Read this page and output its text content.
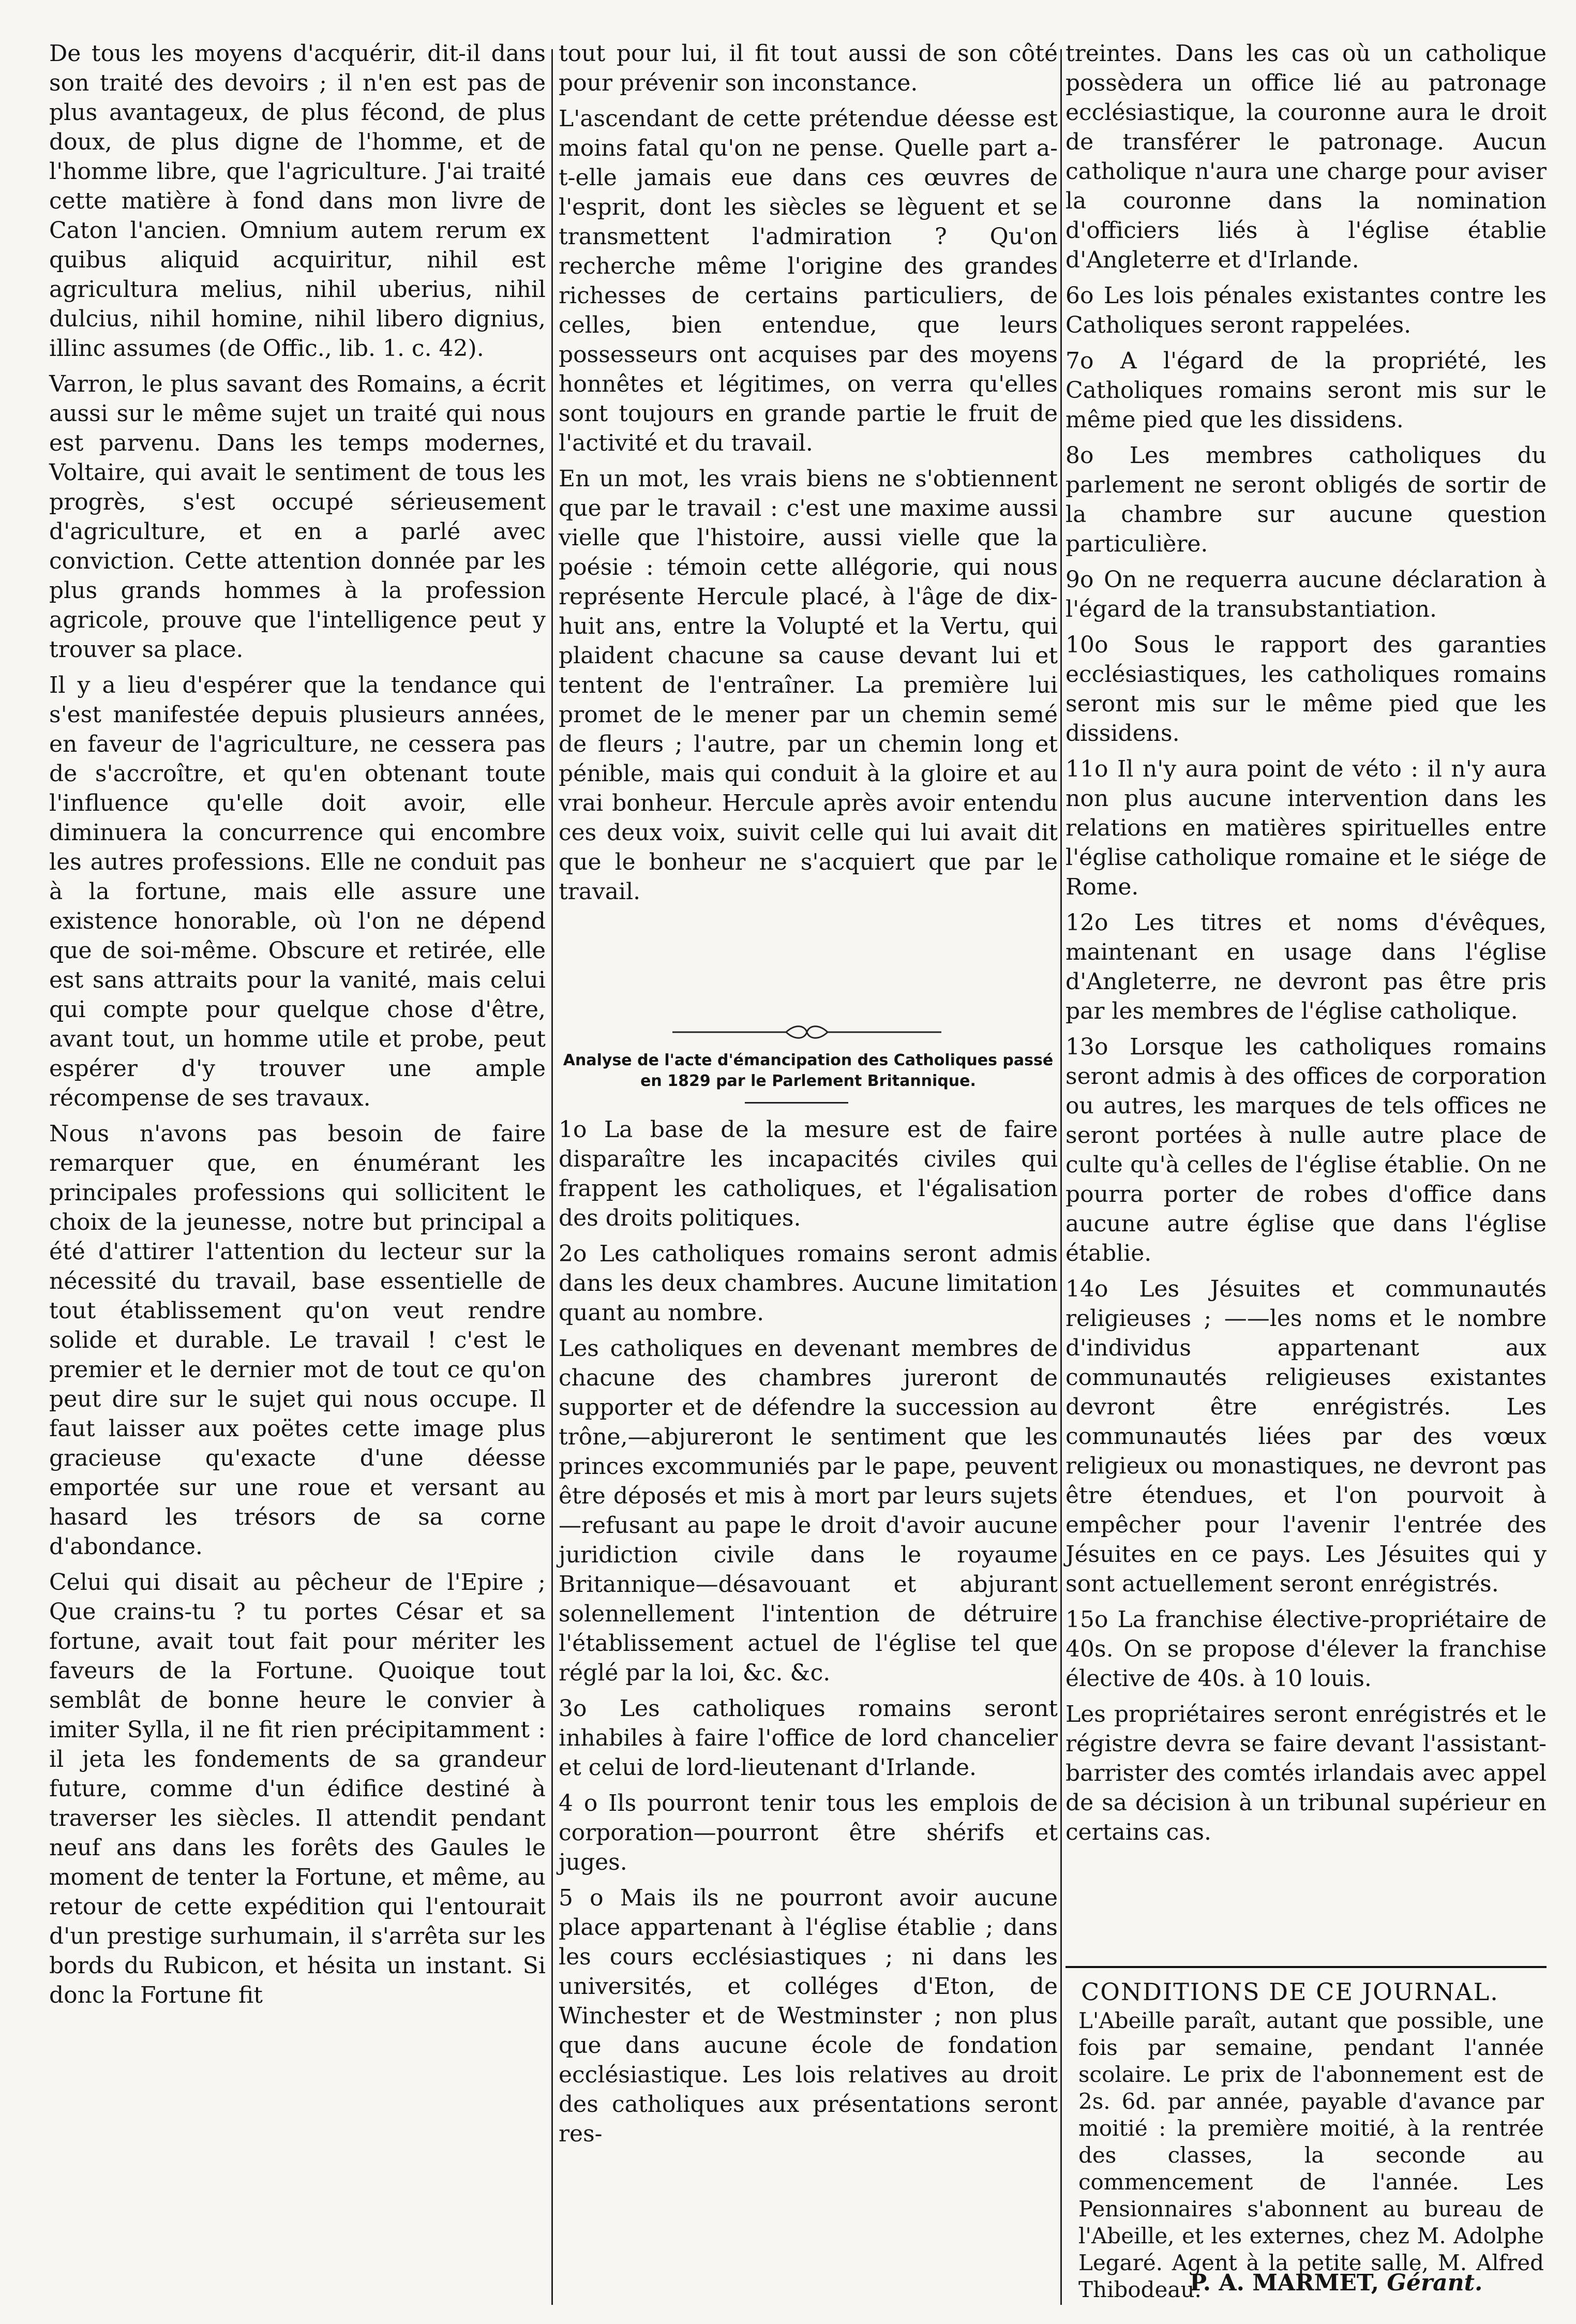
De tous les moyens d'acquérir, dit-il dans son traité des devoirs ; il n'en est pas de plus avantageux, de plus fécond, de plus doux, de plus digne de l'homme, et de l'homme libre, que l'agriculture. J'ai traité cette matière à fond dans mon livre de Caton l'ancien. Omnium autem rerum ex quibus aliquid acquiritur, nihil est agricultura melius, nihil uberius, nihil dulcius, nihil homine, nihil libero dignius, illinc assumes (de Offic., lib. 1. c. 42).

Varron, le plus savant des Romains, a écrit aussi sur le même sujet un traité qui nous est parvenu. Dans les temps modernes, Voltaire, qui avait le sentiment de tous les progrès, s'est occupé sérieusement d'agriculture, et en a parlé avec conviction. Cette attention donnée par les plus grands hommes à la profession agricole, prouve que l'intelligence peut y trouver sa place.

Il y a lieu d'espérer que la tendance qui s'est manifestée depuis plusieurs années, en faveur de l'agriculture, ne cessera pas de s'accroître, et qu'en obtenant toute l'influence qu'elle doit avoir, elle diminuera la concurrence qui encombre les autres professions. Elle ne conduit pas à la fortune, mais elle assure une existence honorable, où l'on ne dépend que de soi-même. Obscure et retirée, elle est sans attraits pour la vanité, mais celui qui compte pour quelque chose d'être, avant tout, un homme utile et probe, peut espérer d'y trouver une ample récompense de ses travaux.

Nous n'avons pas besoin de faire remarquer que, en énumérant les principales professions qui sollicitent le choix de la jeunesse, notre but principal a été d'attirer l'attention du lecteur sur la nécessité du travail, base essentielle de tout établissement qu'on veut rendre solide et durable. Le travail ! c'est le premier et le dernier mot de tout ce qu'on peut dire sur le sujet qui nous occupe. Il faut laisser aux poëtes cette image plus gracieuse qu'exacte d'une déesse emportée sur une roue et versant au hasard les trésors de sa corne d'abondance.

Celui qui disait au pêcheur de l'Epire ; Que crains-tu ? tu portes César et sa fortune, avait tout fait pour mériter les faveurs de la Fortune. Quoique tout semblât de bonne heure le convier à imiter Sylla, il ne fit rien précipitamment : il jeta les fondements de sa grandeur future, comme d'un édifice destiné à traverser les siècles. Il attendit pendant neuf ans dans les forêts des Gaules le moment de tenter la Fortune, et même, au retour de cette expédition qui l'entourait d'un prestige surhumain, il s'arrêta sur les bords du Rubicon, et hésita un instant. Si donc la Fortune fit

tout pour lui, il fit tout aussi de son côté pour prévenir son inconstance.

L'ascendant de cette prétendue déesse est moins fatal qu'on ne pense. Quelle part a-t-elle jamais eue dans ces œuvres de l'esprit, dont les siècles se lèguent et se transmettent l'admiration ? Qu'on recherche même l'origine des grandes richesses de certains particuliers, de celles, bien entendue, que leurs possesseurs ont acquises par des moyens honnêtes et légitimes, on verra qu'elles sont toujours en grande partie le fruit de l'activité et du travail.

En un mot, les vrais biens ne s'obtiennent que par le travail : c'est une maxime aussi vielle que l'histoire, aussi vielle que la poésie : témoin cette allégorie, qui nous représente Hercule placé, à l'âge de dix-huit ans, entre la Volupté et la Vertu, qui plaident chacune sa cause devant lui et tentent de l'entraîner. La première lui promet de le mener par un chemin semé de fleurs ; l'autre, par un chemin long et pénible, mais qui conduit à la gloire et au vrai bonheur. Hercule après avoir entendu ces deux voix, suivit celle qui lui avait dit que le bonheur ne s'acquiert que par le travail.

Analyse de l'acte d'émancipation des Catholiques passé en 1829 par le Parlement Britannique.

1o La base de la mesure est de faire disparaître les incapacités civiles qui frappent les catholiques, et l'égalisation des droits politiques.

2o Les catholiques romains seront admis dans les deux chambres. Aucune limitation quant au nombre.

Les catholiques en devenant membres de chacune des chambres jureront de supporter et de défendre la succession au trône,—abjureront le sentiment que les princes excommuniés par le pape, peuvent être déposés et mis à mort par leurs sujets—refusant au pape le droit d'avoir aucune juridiction civile dans le royaume Britannique—désavouant et abjurant solennellement l'intention de détruire l'établissement actuel de l'église tel que réglé par la loi, &c. &c.

3o Les catholiques romains seront inhabiles à faire l'office de lord chancelier et celui de lord-lieutenant d'Irlande.

4 o Ils pourront tenir tous les emplois de corporation—pourront être shérifs et juges.

5 o Mais ils ne pourront avoir aucune place appartenant à l'église établie ; dans les cours ecclésiastiques ; ni dans les universités, et colléges d'Eton, de Winchester et de Westminster ; non plus que dans aucune école de fondation ecclésiastique. Les lois relatives au droit des catholiques aux présentations seront res-

treintes. Dans les cas où un catholique possèdera un office lié au patronage ecclésiastique, la couronne aura le droit de transférer le patronage. Aucun catholique n'aura une charge pour aviser la couronne dans la nomination d'officiers liés à l'église établie d'Angleterre et d'Irlande.

6o Les lois pénales existantes contre les Catholiques seront rappelées.

7o A l'égard de la propriété, les Catholiques romains seront mis sur le même pied que les dissidens.

8o Les membres catholiques du parlement ne seront obligés de sortir de la chambre sur aucune question particulière.

9o On ne requerra aucune déclaration à l'égard de la transubstantiation.

10o Sous le rapport des garanties ecclésiastiques, les catholiques romains seront mis sur le même pied que les dissidens.

11o Il n'y aura point de véto : il n'y aura non plus aucune intervention dans les relations en matières spirituelles entre l'église catholique romaine et le siége de Rome.

12o Les titres et noms d'évêques, maintenant en usage dans l'église d'Angleterre, ne devront pas être pris par les membres de l'église catholique.

13o Lorsque les catholiques romains seront admis à des offices de corporation ou autres, les marques de tels offices ne seront portées à nulle autre place de culte qu'à celles de l'église établie. On ne pourra porter de robes d'office dans aucune autre église que dans l'église établie.

14o Les Jésuites et communautés religieuses ; ——les noms et le nombre d'individus appartenant aux communautés religieuses existantes devront être enrégistrés. Les communautés liées par des vœux religieux ou monastiques, ne devront pas être étendues, et l'on pourvoit à empêcher pour l'avenir l'entrée des Jésuites en ce pays. Les Jésuites qui y sont actuellement seront enrégistrés.

15o La franchise élective-propriétaire de 40s. On se propose d'élever la franchise élective de 40s. à 10 louis.

Les propriétaires seront enrégistrés et le régistre devra se faire devant l'assistant-barrister des comtés irlandais avec appel de sa décision à un tribunal supérieur en certains cas.

CONDITIONS DE CE JOURNAL.
L'Abeille paraît, autant que possible, une fois par semaine, pendant l'année scolaire. Le prix de l'abonnement est de 2s. 6d. par année, payable d'avance par moitié : la première moitié, à la rentrée des classes, la seconde au commencement de l'année. Les Pensionnaires s'abonnent au bureau de l'Abeille, et les externes, chez M. Adolphe Legaré. Agent à la petite salle, M. Alfred Thibodeau.
P. A. MARMET, Gérant.
